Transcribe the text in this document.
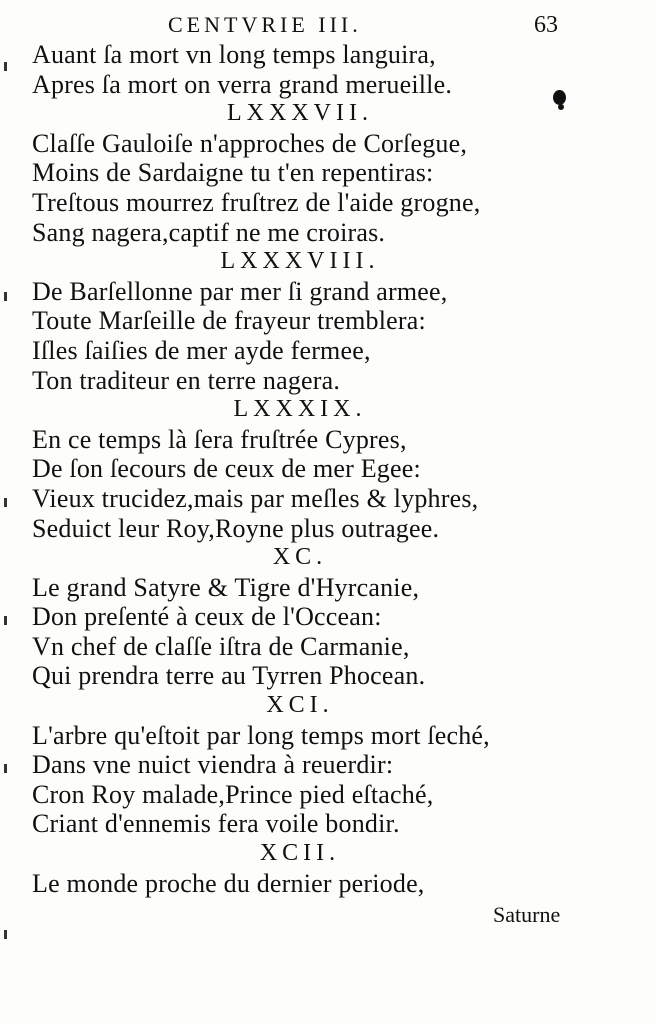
CENTVRIE III.	63
Auant ſa mort vn long temps languira,
Apres ſa mort on verra grand merueille.
LXXXVII.
Claſſe Gauloiſe n'approches de Corſegue,
Moins de Sardaigne tu t'en repentiras:
Treſtous mourrez fruſtrez de l'aide grogne,
Sang nagera,captif ne me croiras.
LXXXVIII.
De Barſellonne par mer ſi grand armee,
Toute Marſeille de frayeur tremblera:
Iſles ſaiſies de mer ayde fermee,
Ton traditeur en terre nagera.
LXXXIX.
En ce temps là ſera fruſtrée Cypres,
De ſon ſecours de ceux de mer Egee:
Vieux trucidez,mais par meſles & lyphres,
Seduict leur Roy,Royne plus outragee.
XC.
Le grand Satyre & Tigre d'Hyrcanie,
Don preſenté à ceux de l'Occean:
Vn chef de claſſe iſtra de Carmanie,
Qui prendra terre au Tyrren Phocean.
XCI.
L'arbre qu'eſtoit par long temps mort ſeché,
Dans vne nuict viendra à reuerdir:
Cron Roy malade,Prince pied eſtaché,
Criant d'ennemis fera voile bondir.
XCII.
Le monde proche du dernier periode,
Saturne
